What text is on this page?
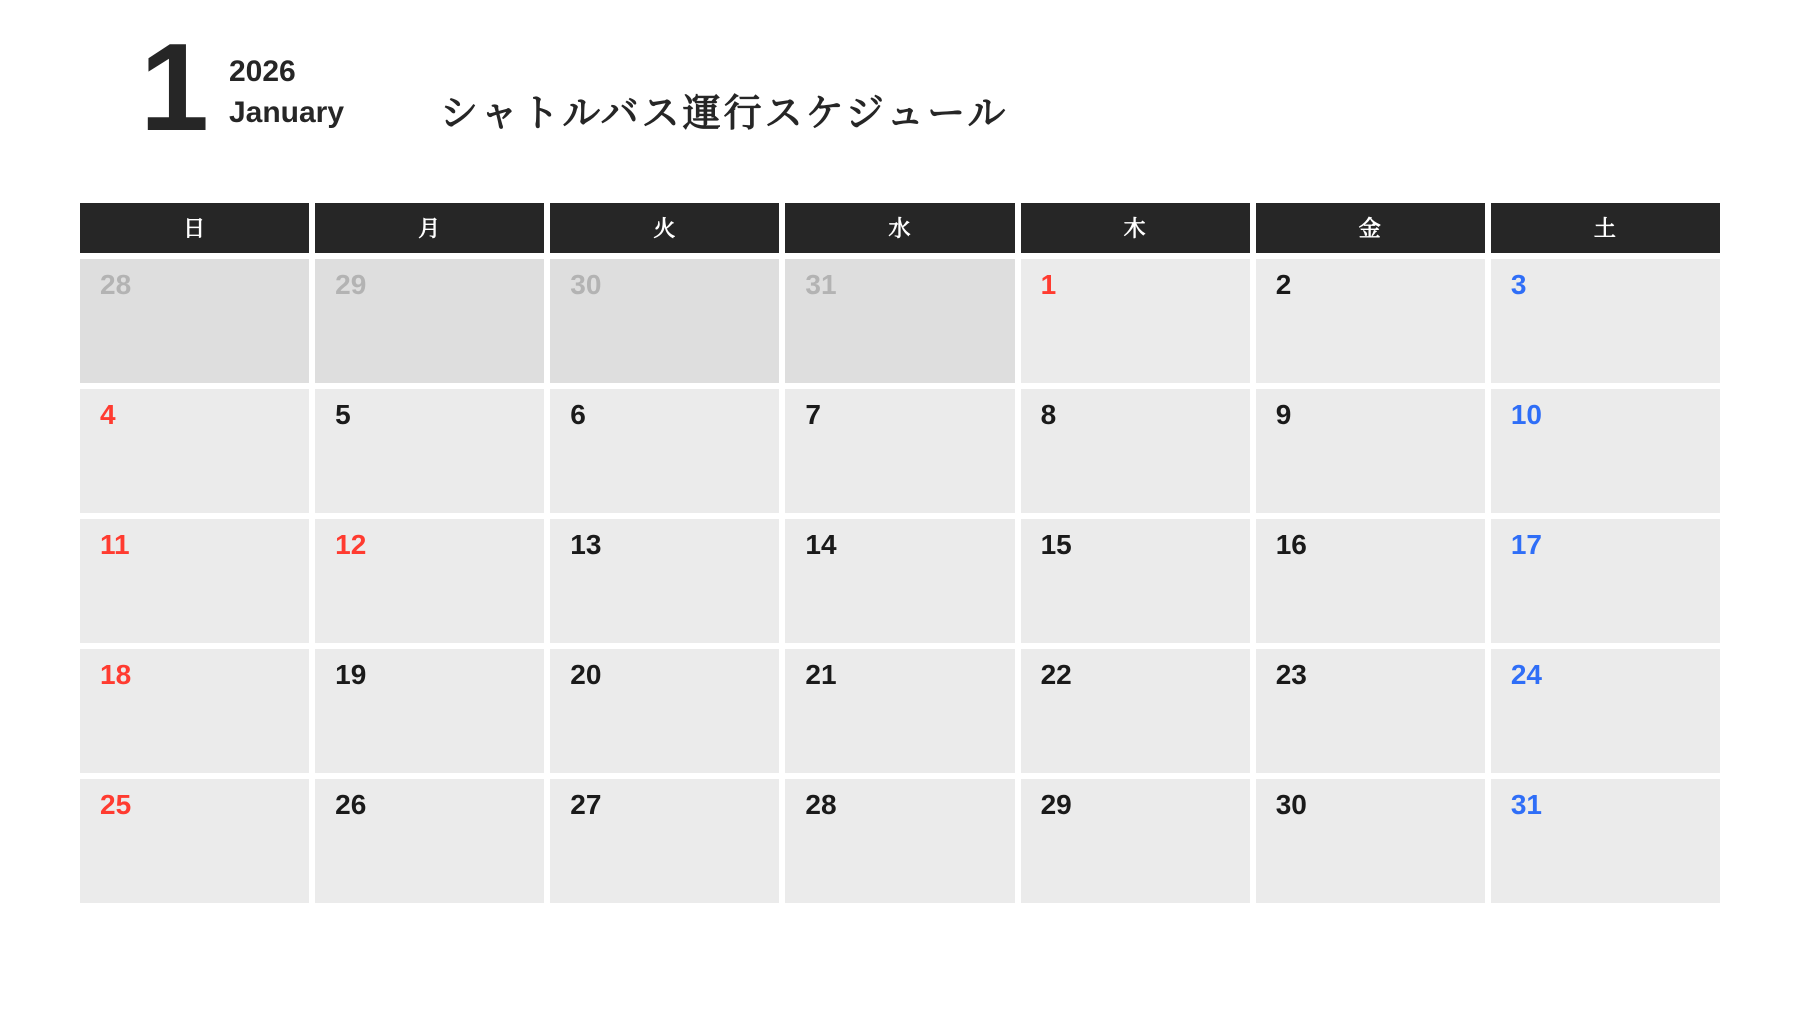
1 2026
January	シャトルバス運行スケジュール
日	月	火	水	木	金	土
28	29	30	31	1	2	3
4	5	6	7	8	9	10
11	12	13	14	15	16	17
18	19	20	21	22	23	24
25	26	27	28	29	30	31
